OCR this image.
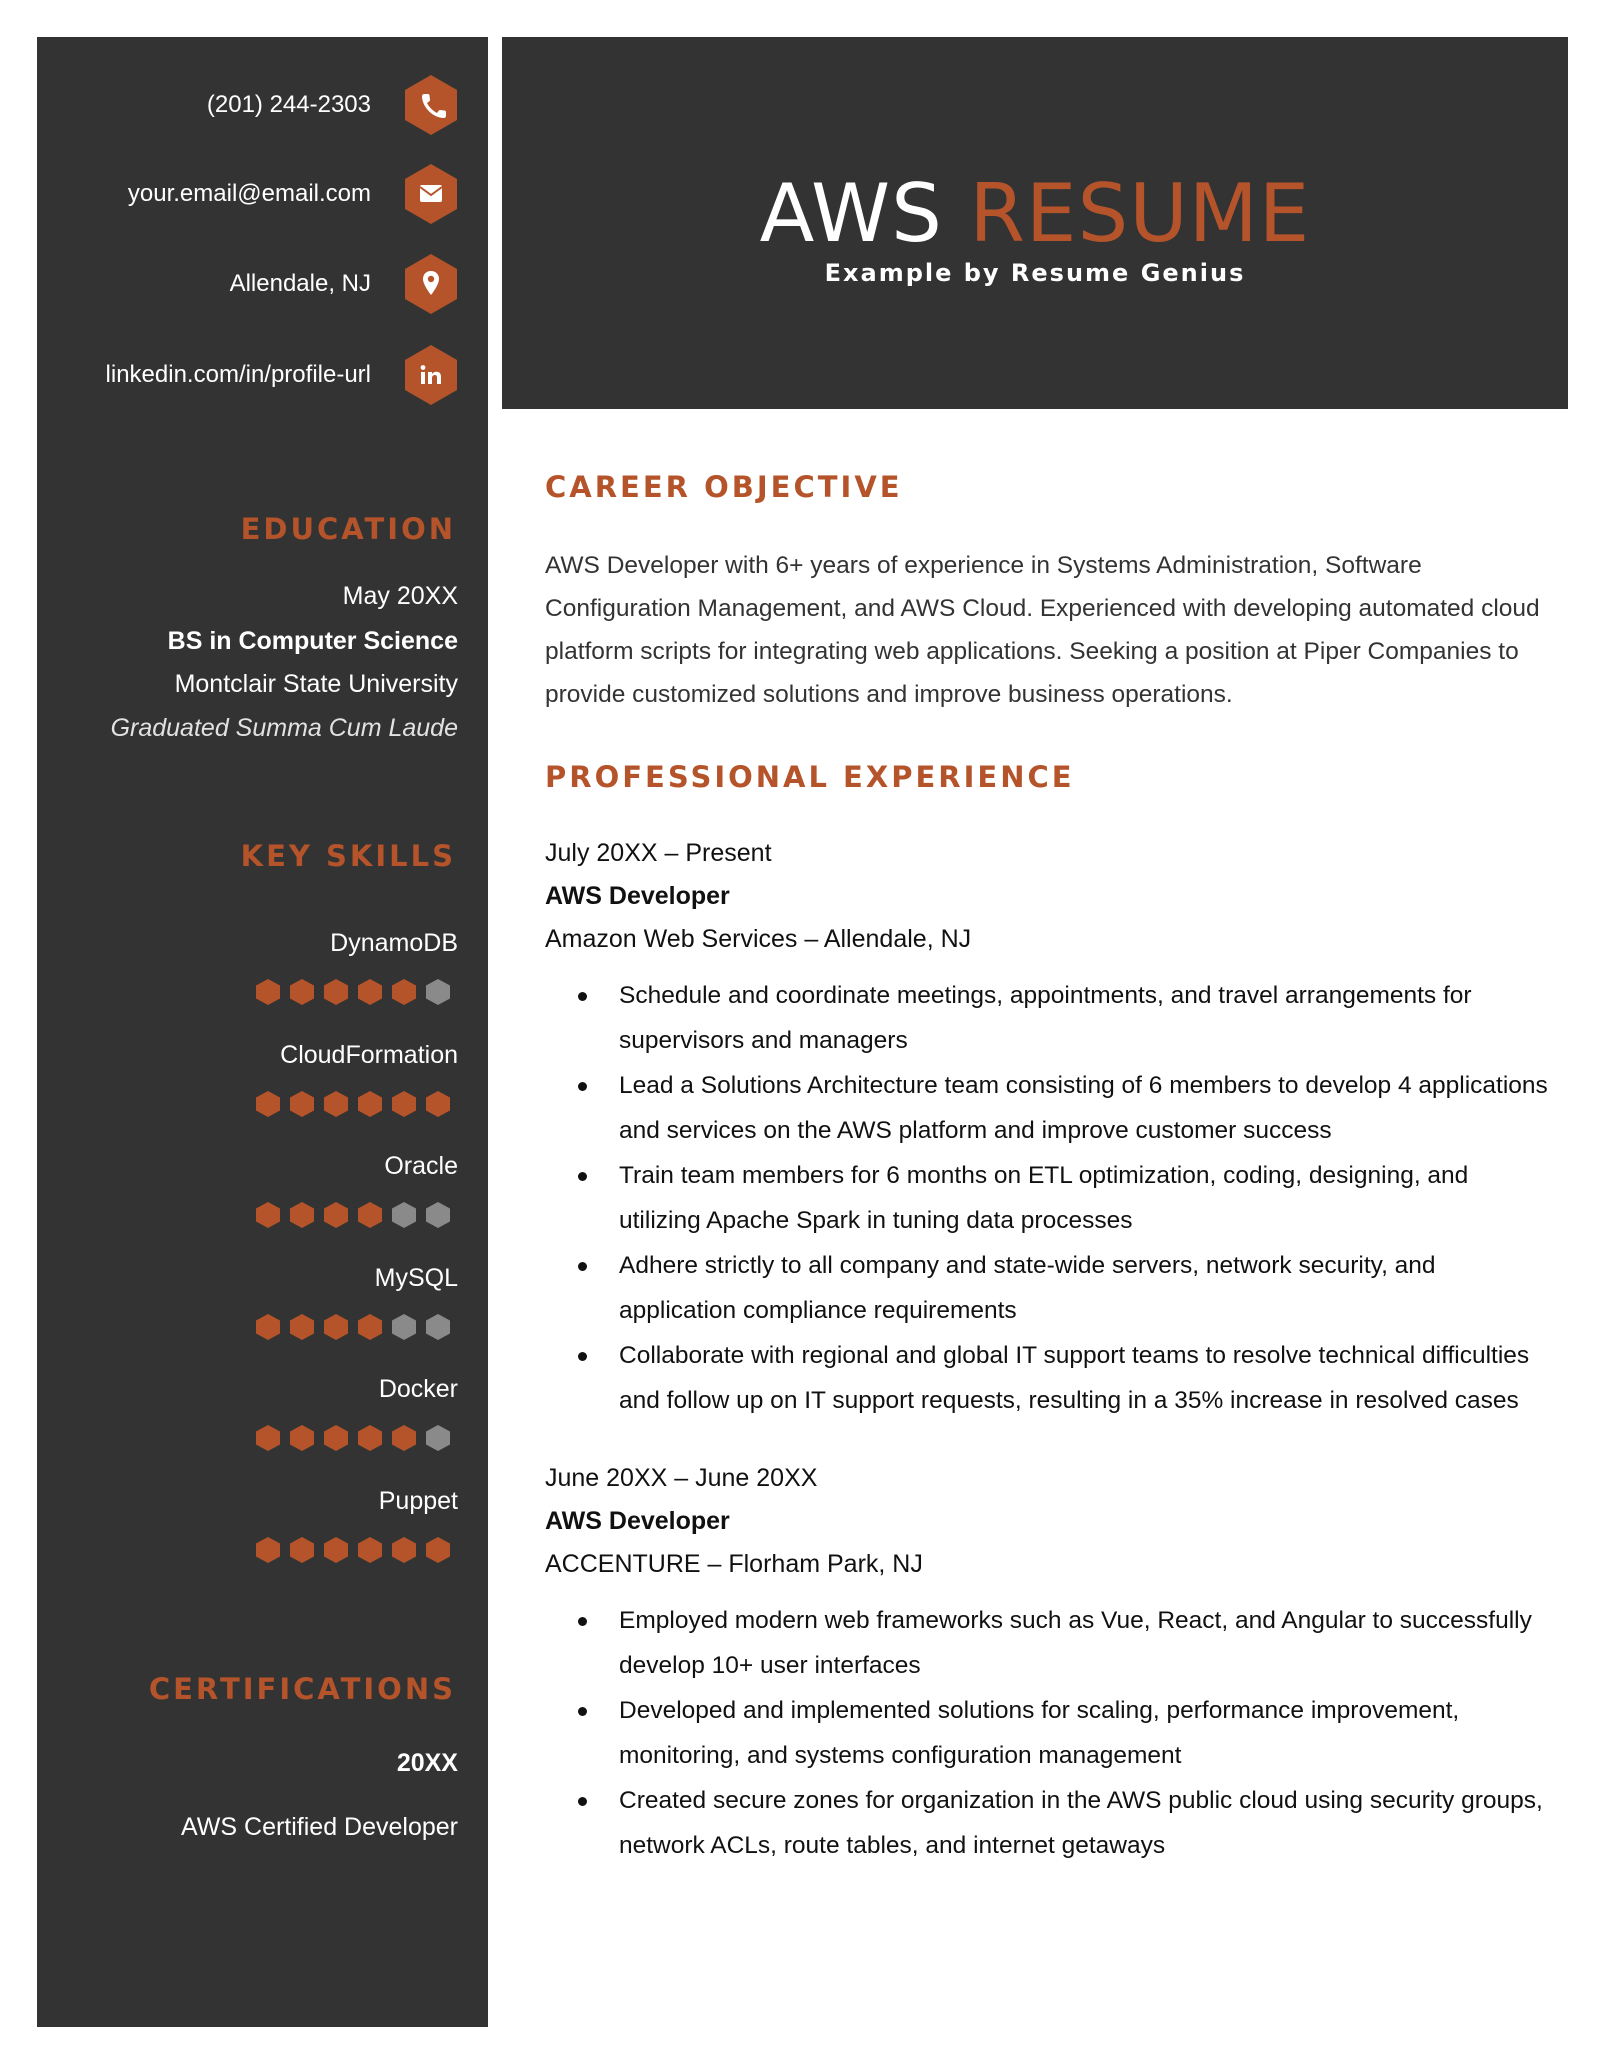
(201) 244-2303
your.email@email.com
Allendale, NJ
linkedin.com/in/profile-url
EDUCATION
May 20XX
BS in Computer Science
Montclair State University
Graduated Summa Cum Laude
KEY SKILLS
DynamoDB
CloudFormation
Oracle
MySQL
Docker
Puppet
CERTIFICATIONS
20XX
AWS Certified Developer
AWS RESUME
Example by Resume Genius
CAREER OBJECTIVE

AWS Developer with 6+ years of experience in Systems Administration, Software Configuration Management, and AWS Cloud. Experienced with developing automated cloud platform scripts for integrating web applications. Seeking a position at Piper Companies to provide customized solutions and improve business operations.

PROFESSIONAL EXPERIENCE
July 20XX – Present
AWS Developer
Amazon Web Services – Allendale, NJ
Schedule and coordinate meetings, appointments, and travel arrangements for supervisors and managers
Lead a Solutions Architecture team consisting of 6 members to develop 4 applications and services on the AWS platform and improve customer success
Train team members for 6 months on ETL optimization, coding, designing, and utilizing Apache Spark in tuning data processes
Adhere strictly to all company and state-wide servers, network security, and application compliance requirements
Collaborate with regional and global IT support teams to resolve technical difficulties and follow up on IT support requests, resulting in a 35% increase in resolved cases
June 20XX – June 20XX
AWS Developer
ACCENTURE – Florham Park, NJ
Employed modern web frameworks such as Vue, React, and Angular to successfully develop 10+ user interfaces
Developed and implemented solutions for scaling, performance improvement, monitoring, and systems configuration management
Created secure zones for organization in the AWS public cloud using security groups, network ACLs, route tables, and internet getaways
